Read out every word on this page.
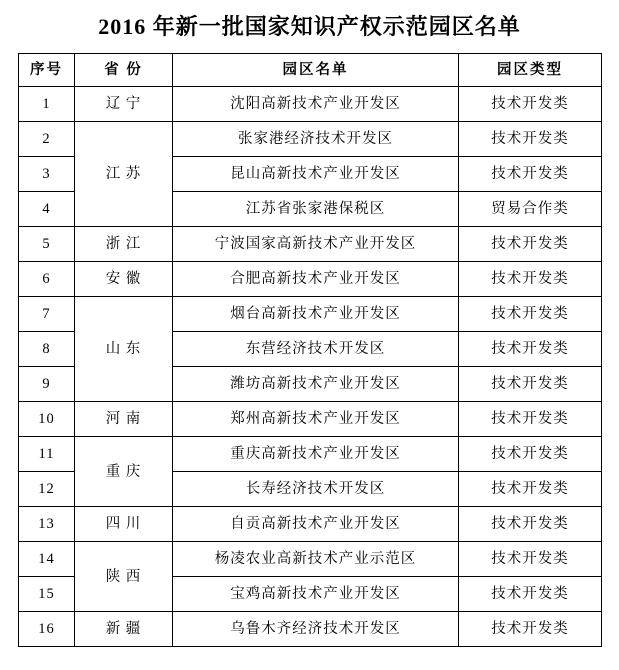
2016 年新一批国家知识产权示范园区名单
序号	省 份	园区名单	园区类型
1	辽 宁	沈阳高新技术产业开发区	技术开发类
2	江 苏	张家港经济技术开发区	技术开发类
3		昆山高新技术产业开发区	技术开发类
4		江苏省张家港保税区	贸易合作类
5	浙 江	宁波国家高新技术产业开发区	技术开发类
6	安 徽	合肥高新技术产业开发区	技术开发类
7	山 东	烟台高新技术产业开发区	技术开发类
8		东营经济技术开发区	技术开发类
9		潍坊高新技术产业开发区	技术开发类
10	河 南	郑州高新技术产业开发区	技术开发类
11	重 庆	重庆高新技术产业开发区	技术开发类
12		长寿经济技术开发区	技术开发类
13	四 川	自贡高新技术产业开发区	技术开发类
14	陕 西	杨凌农业高新技术产业示范区	技术开发类
15		宝鸡高新技术产业开发区	技术开发类
16	新 疆	乌鲁木齐经济技术开发区	技术开发类
